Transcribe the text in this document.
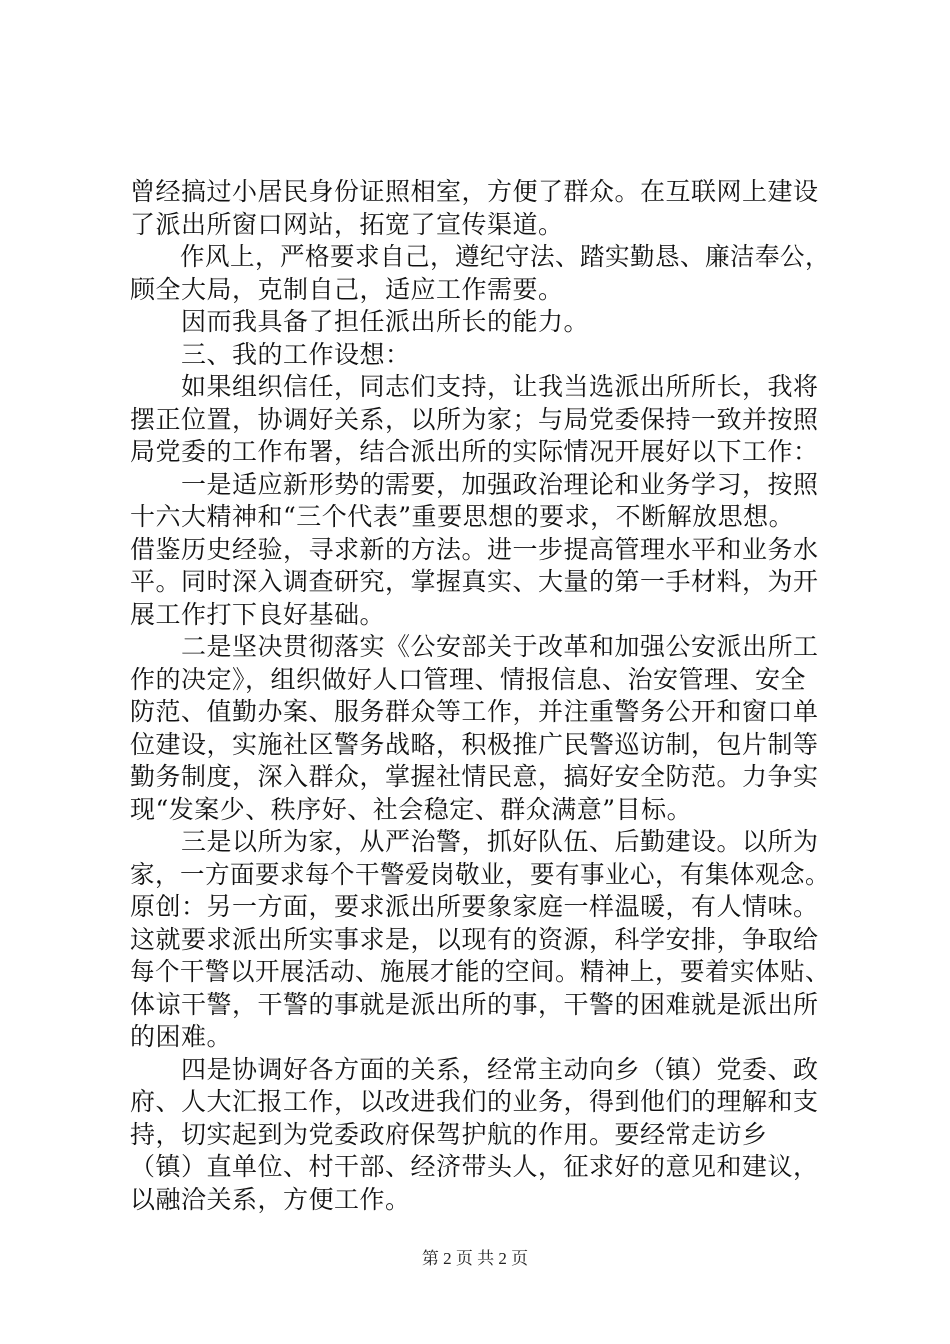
曾经搞过小居民身份证照相室，方便了群众。在互联网上建设
了派出所窗口网站，拓宽了宣传渠道。
　　作风上，严格要求自己，遵纪守法、踏实勤恳、廉洁奉公，
顾全大局，克制自己，适应工作需要。
　　因而我具备了担任派出所长的能力。
　　三、我的工作设想：
　　如果组织信任，同志们支持，让我当选派出所所长，我将
摆正位置，协调好关系，以所为家；与局党委保持一致并按照
局党委的工作布署，结合派出所的实际情况开展好以下工作：
　　一是适应新形势的需要，加强政治理论和业务学习，按照
十六大精神和“三个代表”重要思想的要求，不断解放思想。
借鉴历史经验，寻求新的方法。进一步提高管理水平和业务水
平。同时深入调查研究，掌握真实、大量的第一手材料，为开
展工作打下良好基础。
　　二是坚决贯彻落实《公安部关于改革和加强公安派出所工
作的决定》，组织做好人口管理、情报信息、治安管理、安全
防范、值勤办案、服务群众等工作，并注重警务公开和窗口单
位建设，实施社区警务战略，积极推广民警巡访制，包片制等
勤务制度，深入群众，掌握社情民意，搞好安全防范。力争实
现“发案少、秩序好、社会稳定、群众满意”目标。
　　三是以所为家，从严治警，抓好队伍、后勤建设。以所为
家，一方面要求每个干警爱岗敬业，要有事业心，有集体观念。
原创：另一方面，要求派出所要象家庭一样温暖，有人情味。
这就要求派出所实事求是，以现有的资源，科学安排，争取给
每个干警以开展活动、施展才能的空间。精神上，要着实体贴、
体谅干警，干警的事就是派出所的事，干警的困难就是派出所
的困难。
　　四是协调好各方面的关系，经常主动向乡（镇）党委、政
府、人大汇报工作，以改进我们的业务，得到他们的理解和支
持，切实起到为党委政府保驾护航的作用。要经常走访乡
（镇）直单位、村干部、经济带头人，征求好的意见和建议，
以融洽关系，方便工作。
第 2 页 共 2 页
